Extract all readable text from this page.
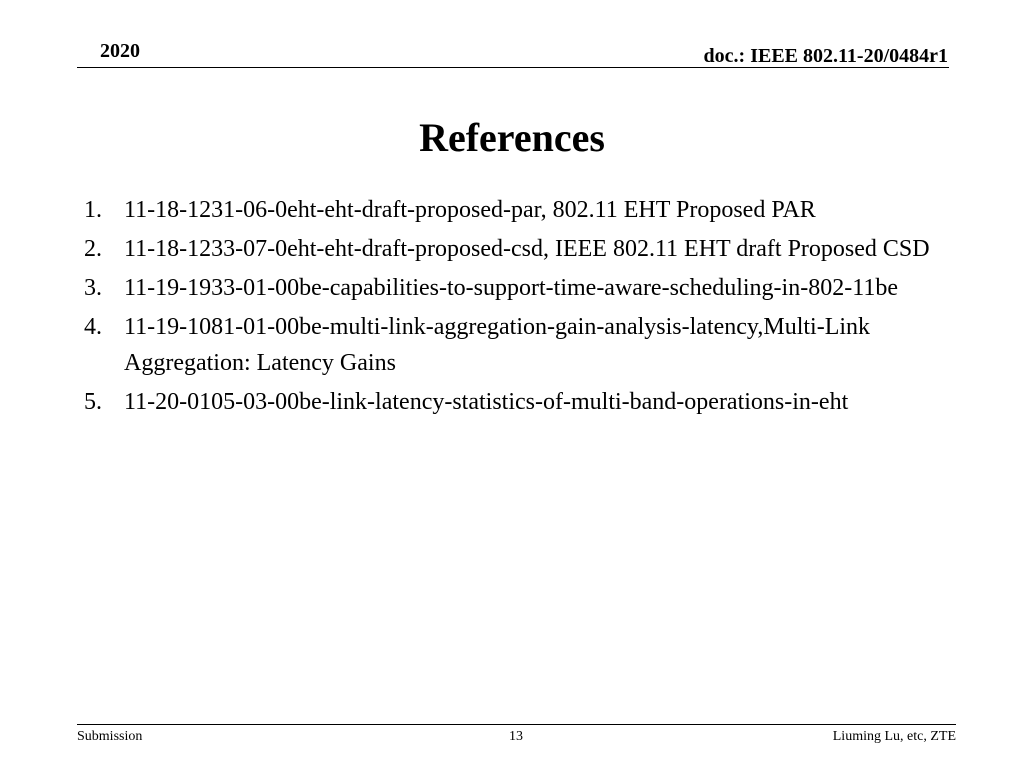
2020	doc.: IEEE 802.11-20/0484r1
References
1. 11-18-1231-06-0eht-eht-draft-proposed-par, 802.11 EHT Proposed PAR
2. 11-18-1233-07-0eht-eht-draft-proposed-csd, IEEE 802.11 EHT draft Proposed CSD
3. 11-19-1933-01-00be-capabilities-to-support-time-aware-scheduling-in-802-11be
4. 11-19-1081-01-00be-multi-link-aggregation-gain-analysis-latency,Multi-Link Aggregation: Latency Gains
5. 11-20-0105-03-00be-link-latency-statistics-of-multi-band-operations-in-eht
Submission	13	Liuming Lu, etc, ZTE
